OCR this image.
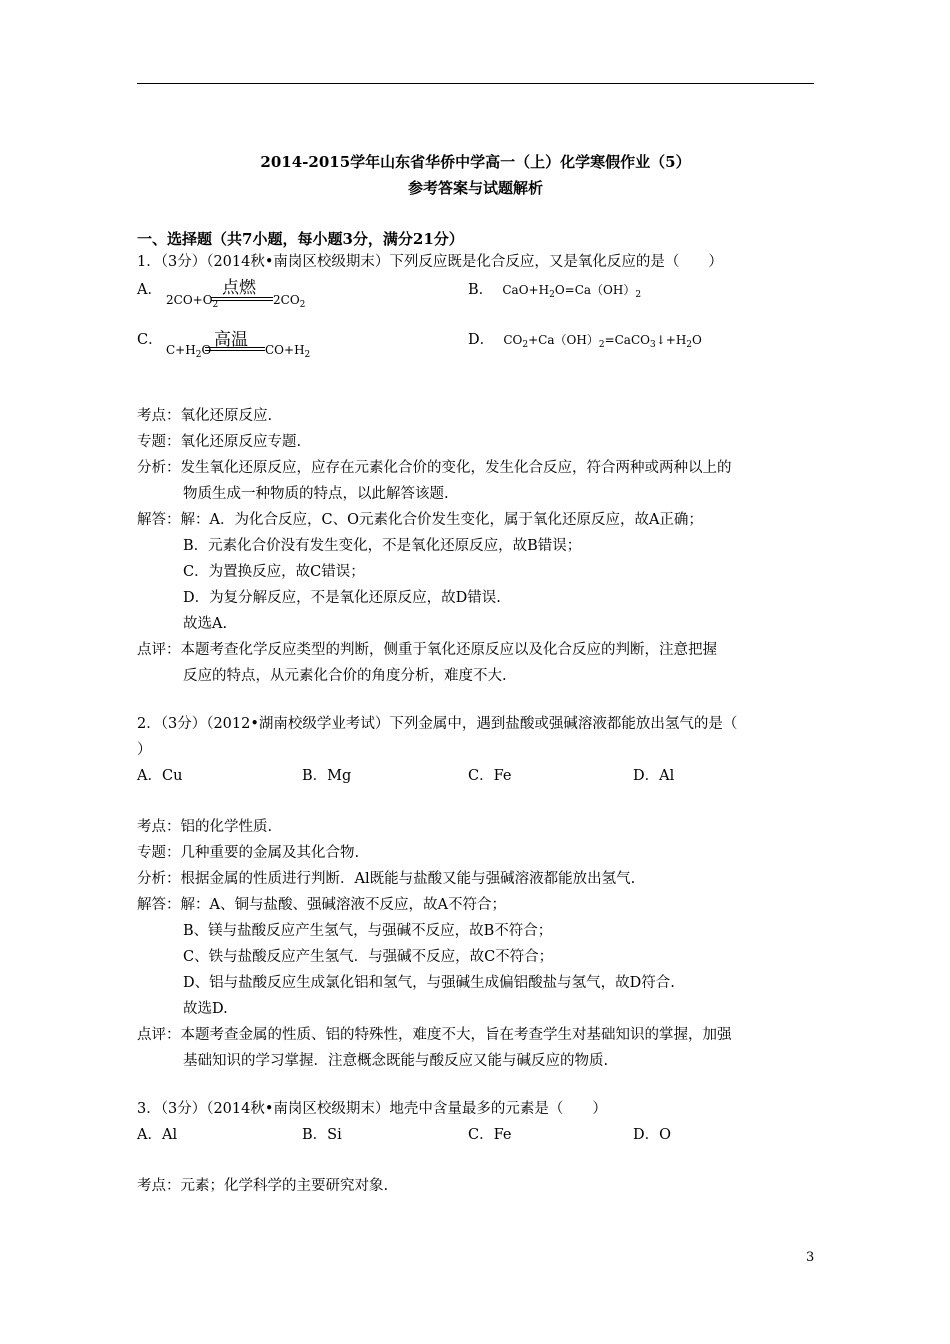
2014-2015学年山东省华侨中学高一（上）化学寒假作业（5）
参考答案与试题解析
一、选择题（共7小题，每小题3分，满分21分）
1．（3分）（2014秋•南岗区校级期末）下列反应既是化合反应，又是氧化反应的是（　　）
A．	点燃
$2CO+O_2$	$2CO_2$
B． $CaO+H_2O=Ca(OH)_2$
C．	高温
$C+H_2O$	$CO+H_2$
D． $CO_2+Ca(OH)_2=CaCO_3↓+H_2O$
考点：氧化还原反应.
专题：氧化还原反应专题.
分析：发生氧化还原反应，应存在元素化合价的变化，发生化合反应，符合两种或两种以上的
物质生成一种物质的特点，以此解答该题.
解答：解：A．为化合反应，C、O元素化合价发生变化，属于氧化还原反应，故A正确；
B．元素化合价没有发生变化，不是氧化还原反应，故B错误；
C．为置换反应，故C错误；
D．为复分解反应，不是氧化还原反应，故D错误.
故选A.
点评：本题考查化学反应类型的判断，侧重于氧化还原反应以及化合反应的判断，注意把握
反应的特点，从元素化合价的角度分析，难度不大.
2．（3分）（2012•湖南校级学业考试）下列金属中，遇到盐酸或强碱溶液都能放出氢气的是（
）
A．Cu	B．Mg	C．Fe	D．Al
考点：铝的化学性质.
专题：几种重要的金属及其化合物.
分析：根据金属的性质进行判断．Al既能与盐酸又能与强碱溶液都能放出氢气.
解答：解：A、铜与盐酸、强碱溶液不反应，故A不符合；
B、镁与盐酸反应产生氢气，与强碱不反应，故B不符合；
C、铁与盐酸反应产生氢气．与强碱不反应，故C不符合；
D、铝与盐酸反应生成氯化铝和氢气，与强碱生成偏铝酸盐与氢气，故D符合.
故选D.
点评：本题考查金属的性质、铝的特殊性，难度不大，旨在考查学生对基础知识的掌握，加强
基础知识的学习掌握．注意概念既能与酸反应又能与碱反应的物质.
3．（3分）（2014秋•南岗区校级期末）地壳中含量最多的元素是（　　）
A．Al	B．Si	C．Fe	D．O
考点：元素；化学科学的主要研究对象.
3
